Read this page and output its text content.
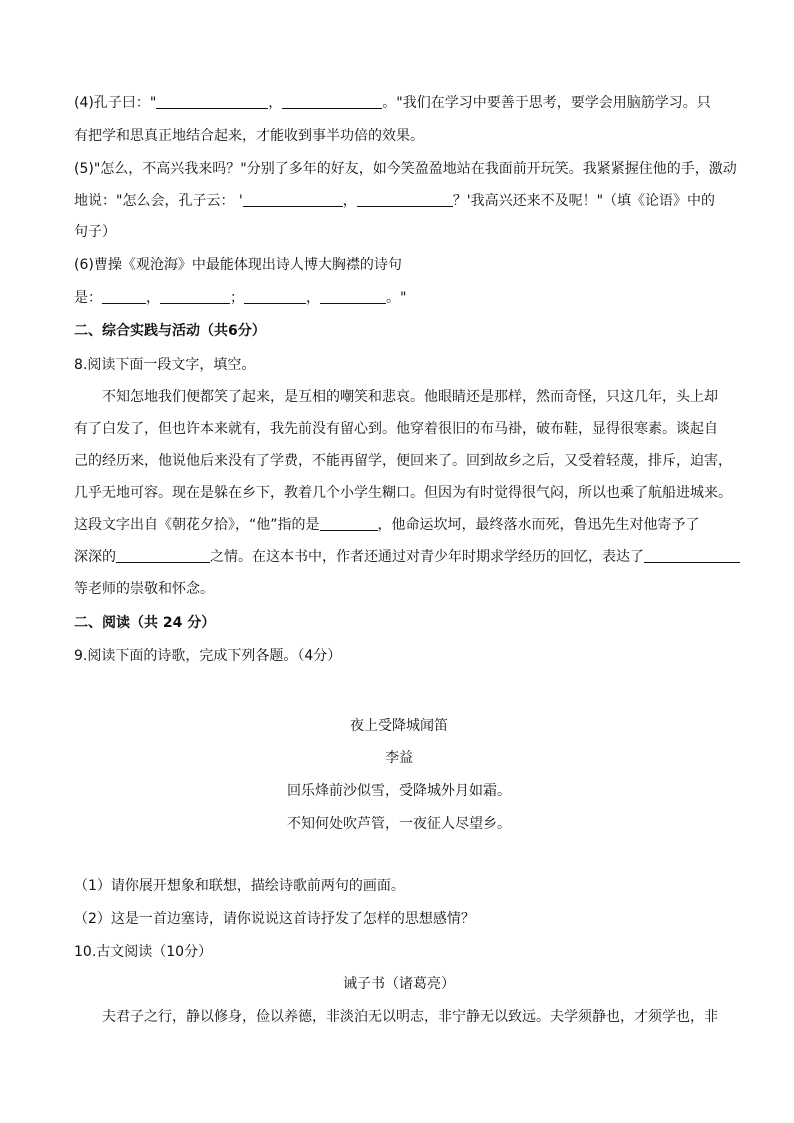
(4)孔子曰："	，	。"我们在学习中要善于思考，要学会用脑筋学习。只
有把学和思真正地结合起来，才能收到事半功倍的效果。
(5)"怎么，不高兴我来吗？"分别了多年的好友，如今笑盈盈地站在我面前开玩笑。我紧紧握住他的手，激动
地说："怎么会，孔子云： '	，	？'我高兴还来不及呢！"（填《论语》中的
句子）
(6)曹操《观沧海》中最能体现出诗人博大胸襟的诗句
是：	，	；	，	。"
二、综合实践与活动（共6分）
8.阅读下面一段文字，填空。
不知怎地我们便都笑了起来，是互相的嘲笑和悲哀。他眼睛还是那样，然而奇怪，只这几年，头上却
有了白发了，但也许本来就有，我先前没有留心到。他穿着很旧的布马褂，破布鞋，显得很寒素。谈起自
己的经历来，他说他后来没有了学费，不能再留学，便回来了。回到故乡之后，又受着轻蔑，排斥，迫害，
几乎无地可容。现在是躲在乡下，教着几个小学生糊口。但因为有时觉得很气闷，所以也乘了航船进城来。
这段文字出自《朝花夕拾》，“他”指的是	，他命运坎坷，最终落水而死，鲁迅先生对他寄予了
深深的	之情。在这本书中，作者还通过对青少年时期求学经历的回忆，表达了
等老师的崇敬和怀念。
二、阅读（共 24 分）
9.阅读下面的诗歌，完成下列各题。（4分）
夜上受降城闻笛
李益
回乐烽前沙似雪，受降城外月如霜。
不知何处吹芦管，一夜征人尽望乡。
（1）请你展开想象和联想，描绘诗歌前两句的画面。
（2）这是一首边塞诗，请你说说这首诗抒发了怎样的思想感情？
10.古文阅读（10分）
诫子书（诸葛亮）
夫君子之行，静以修身，俭以养德，非淡泊无以明志，非宁静无以致远。夫学须静也，才须学也，非
